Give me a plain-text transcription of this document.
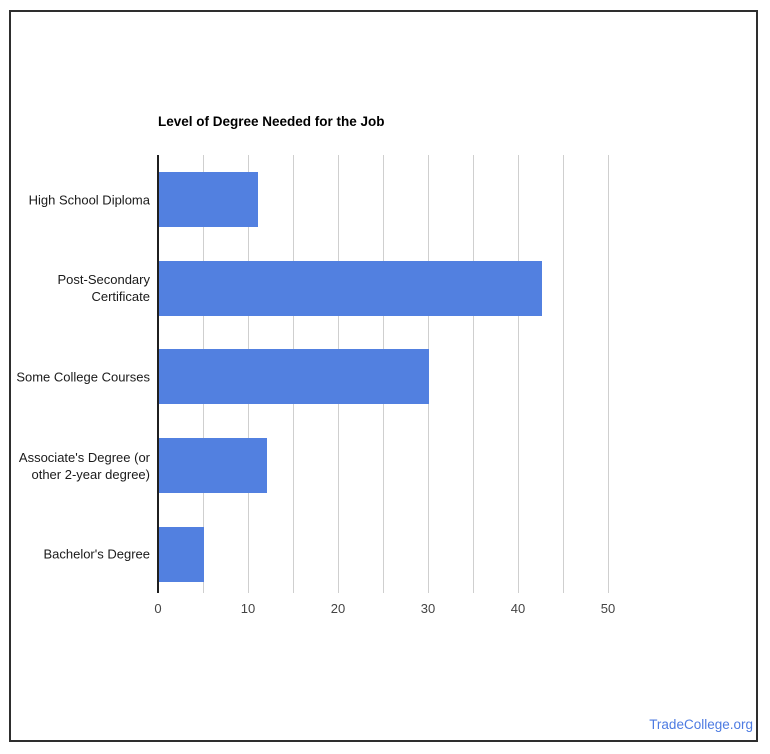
Level of Degree Needed for the Job
High School Diploma
Post-Secondary Certificate
Some College Courses
Associate's Degree (or other 2-year degree)
Bachelor's Degree
0	10	20	30	40	50
TradeCollege.org
